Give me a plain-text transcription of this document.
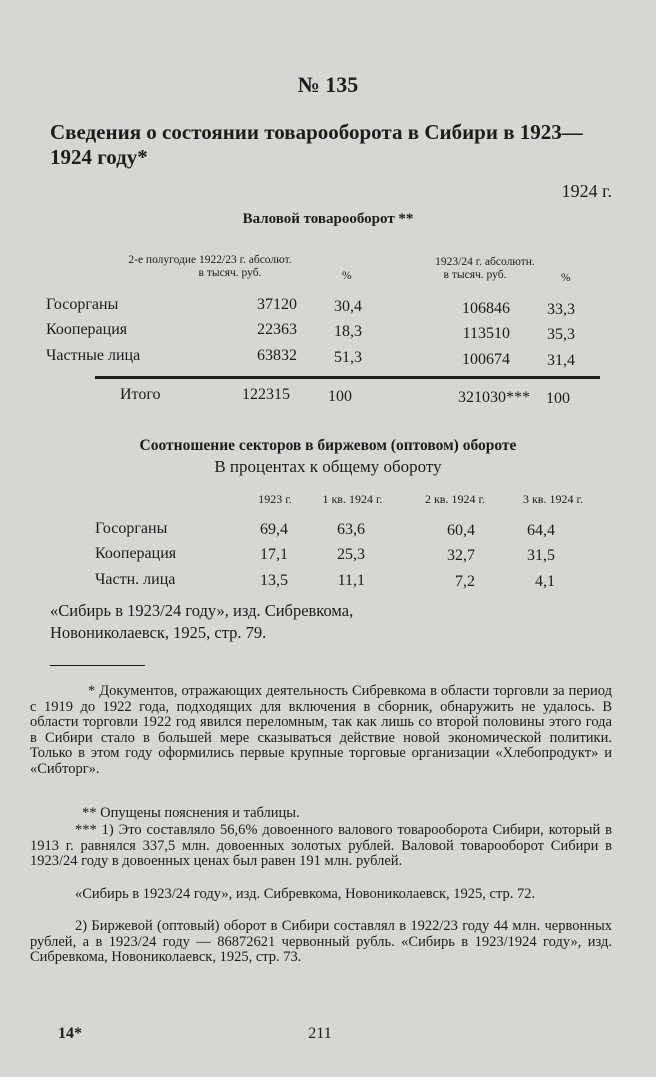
№ 135
Сведения о состоянии товарооборота в Сибири в 1923—1924 году*
1924 г.
Валовой товарооборот **
2-е полугодие 1922/23 г. абсолют.
в тысяч. руб.	%
1923/24 г. абсолютн.
в тысяч. руб.	%
Госорганы	37120	30,4	106846	33,3
Кооперация	22363	18,3	113510	35,3
Частные лица	63832	51,3	100674	31,4
Итого	122315	100	321030***	100
Соотношение секторов в биржевом (оптовом) обороте
В процентах к общему обороту
1923 г.	1 кв. 1924 г.	2 кв. 1924 г.	3 кв. 1924 г.
Госорганы	69,4	63,6	60,4	64,4
Кооперация	17,1	25,3	32,7	31,5
Частн. лица	13,5	11,1	7,2	4,1
«Сибирь в 1923/24 году», изд. Сибревкома, Новониколаевск, 1925, стр. 79.
* Документов, отражающих деятельность Сибревкома в области торговли за период с 1919 до 1922 года, подходящих для включения в сборник, обнаружить не удалось. В области торговли 1922 год явился переломным, так как лишь со второй половины этого года в Сибири стало в большей мере сказываться действие новой экономической политики. Только в этом году оформились первые крупные торговые организации «Хлебопродукт» и «Сибторг».
** Опущены пояснения и таблицы.
*** 1) Это составляло 56,6% довоенного валового товарооборота Сибири, который в 1913 г. равнялся 337,5 млн. довоенных золотых рублей. Валовой товарооборот Сибири в 1923/24 году в довоенных ценах был равен 191 млн. рублей.
«Сибирь в 1923/24 году», изд. Сибревкома, Новониколаевск, 1925, стр. 72.
2) Биржевой (оптовый) оборот в Сибири составлял в 1922/23 году 44 млн. червонных рублей, а в 1923/24 году — 86872621 червонный рубль. «Сибирь в 1923/1924 году», изд. Сибревкома, Новониколаевск, 1925, стр. 73.
14*	211
